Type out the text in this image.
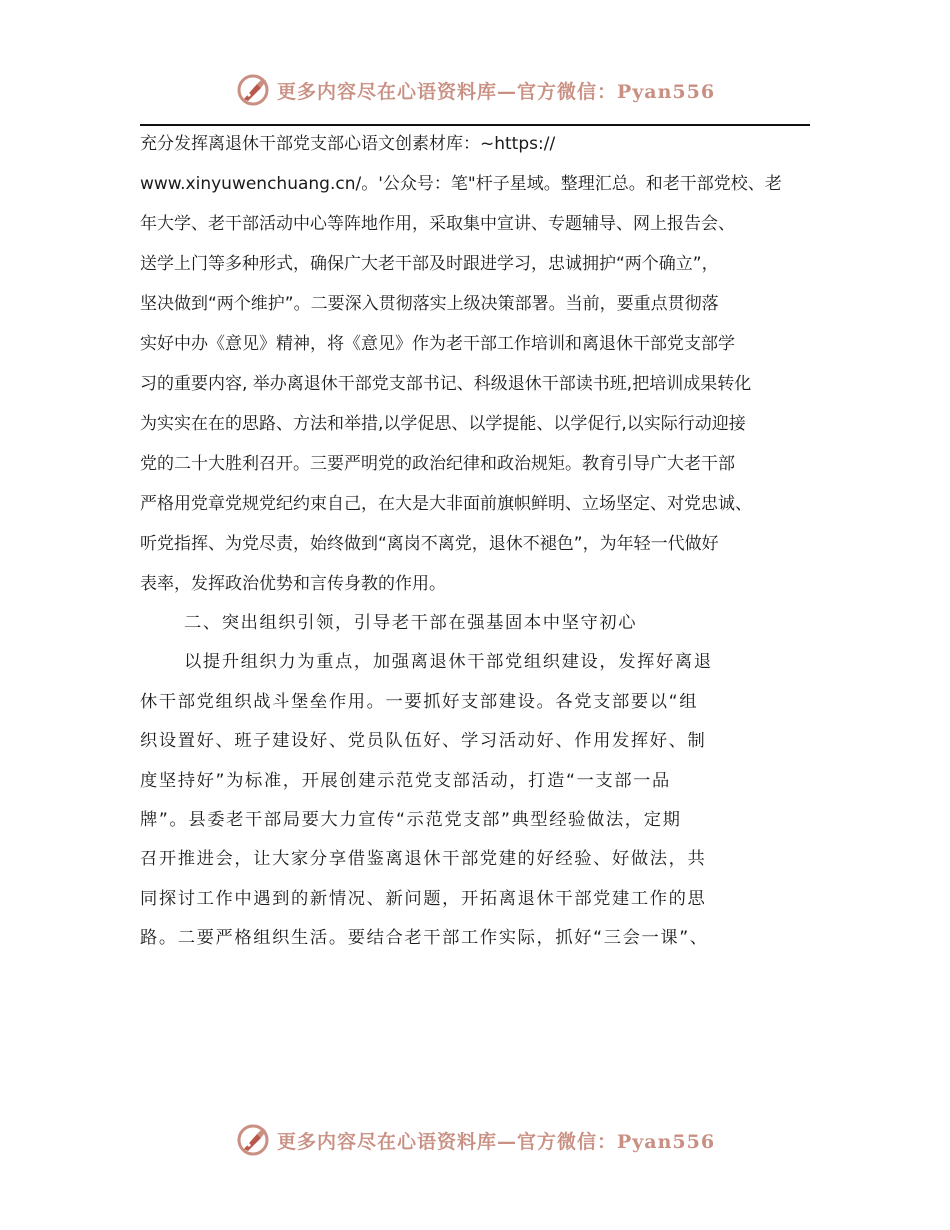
更多内容尽在心语资料库—官方微信：Pyan556
充分发挥离退休干部党支部心语文创素材库：~https://
www.xinyuwenchuang.cn/。'公众号：笔"杆子星域。整理汇总。和老干部党校、老
年大学、老干部活动中心等阵地作用，采取集中宣讲、专题辅导、网上报告会、
送学上门等多种形式，确保广大老干部及时跟进学习，忠诚拥护“两个确立”，
坚决做到“两个维护”。二要深入贯彻落实上级决策部署。当前，要重点贯彻落
实好中办《意见》精神，将《意见》作为老干部工作培训和离退休干部党支部学
习的重要内容, 举办离退休干部党支部书记、科级退休干部读书班,把培训成果转化
为实实在在的思路、方法和举措,以学促思、以学提能、以学促行,以实际行动迎接
党的二十大胜利召开。三要严明党的政治纪律和政治规矩。教育引导广大老干部
严格用党章党规党纪约束自己，在大是大非面前旗帜鲜明、立场坚定、对党忠诚、
听党指挥、为党尽责，始终做到“离岗不离党，退休不褪色”，为年轻一代做好
表率，发挥政治优势和言传身教的作用。
二、突出组织引领，引导老干部在强基固本中坚守初心
以提升组织力为重点，加强离退休干部党组织建设，发挥好离退
休干部党组织战斗堡垒作用。一要抓好支部建设。各党支部要以“组
织设置好、班子建设好、党员队伍好、学习活动好、作用发挥好、制
度坚持好”为标准，开展创建示范党支部活动，打造“一支部一品
牌”。县委老干部局要大力宣传“示范党支部”典型经验做法，定期
召开推进会，让大家分享借鉴离退休干部党建的好经验、好做法，共
同探讨工作中遇到的新情况、新问题，开拓离退休干部党建工作的思
路。二要严格组织生活。要结合老干部工作实际，抓好“三会一课”、
更多内容尽在心语资料库—官方微信：Pyan556
